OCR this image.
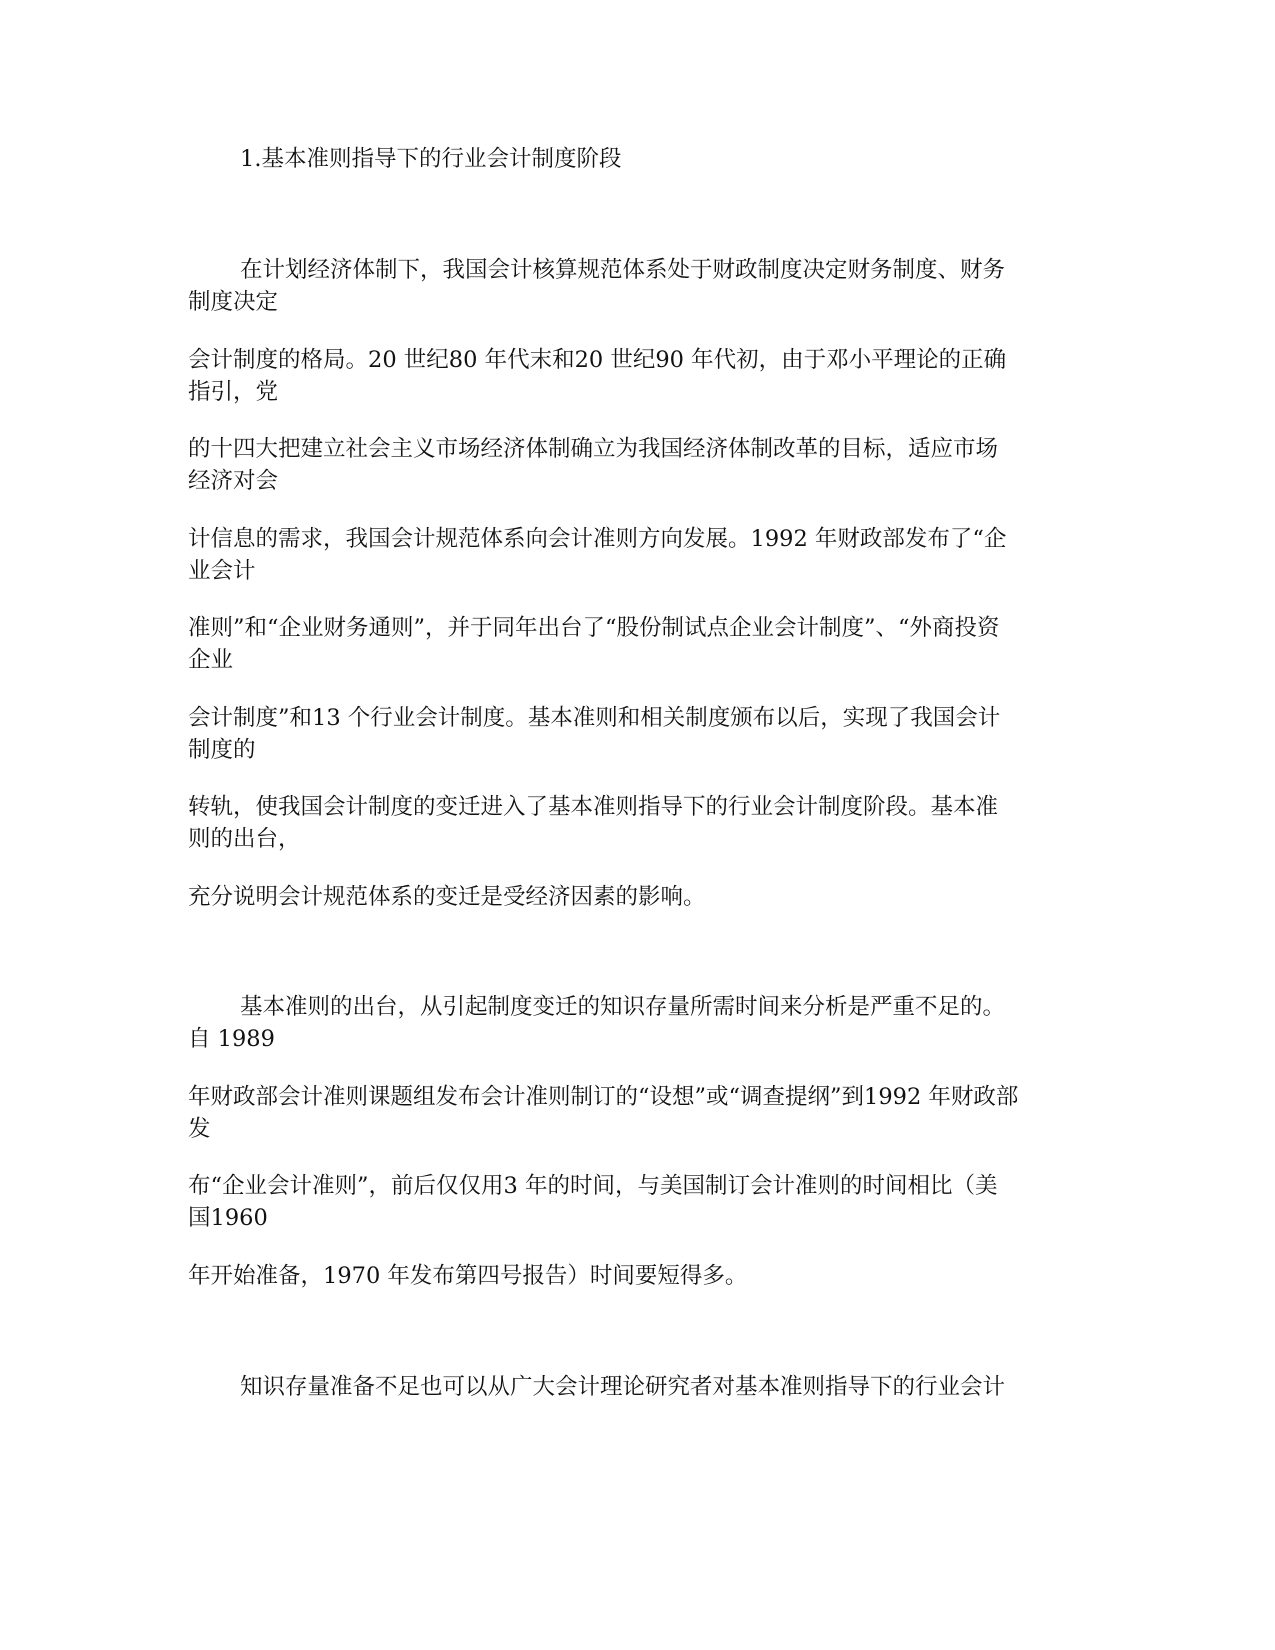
1.基本准则指导下的行业会计制度阶段

在计划经济体制下，我国会计核算规范体系处于财政制度决定财务制度、财务

制度决定

会计制度的格局。20 世纪80 年代末和20 世纪90 年代初，由于邓小平理论的正确

指引，党

的十四大把建立社会主义市场经济体制确立为我国经济体制改革的目标，适应市场

经济对会

计信息的需求，我国会计规范体系向会计准则方向发展。1992 年财政部发布了“企

业会计

准则”和“企业财务通则”，并于同年出台了“股份制试点企业会计制度”、“外商投资

企业

会计制度”和13 个行业会计制度。基本准则和相关制度颁布以后，实现了我国会计

制度的

转轨，使我国会计制度的变迁进入了基本准则指导下的行业会计制度阶段。基本准

则的出台，

充分说明会计规范体系的变迁是受经济因素的影响。

基本准则的出台，从引起制度变迁的知识存量所需时间来分析是严重不足的。

自 1989

年财政部会计准则课题组发布会计准则制订的“设想”或“调查提纲”到1992 年财政部

发

布“企业会计准则”，前后仅仅用3 年的时间，与美国制订会计准则的时间相比（美

国1960

年开始准备，1970 年发布第四号报告）时间要短得多。

知识存量准备不足也可以从广大会计理论研究者对基本准则指导下的行业会计
